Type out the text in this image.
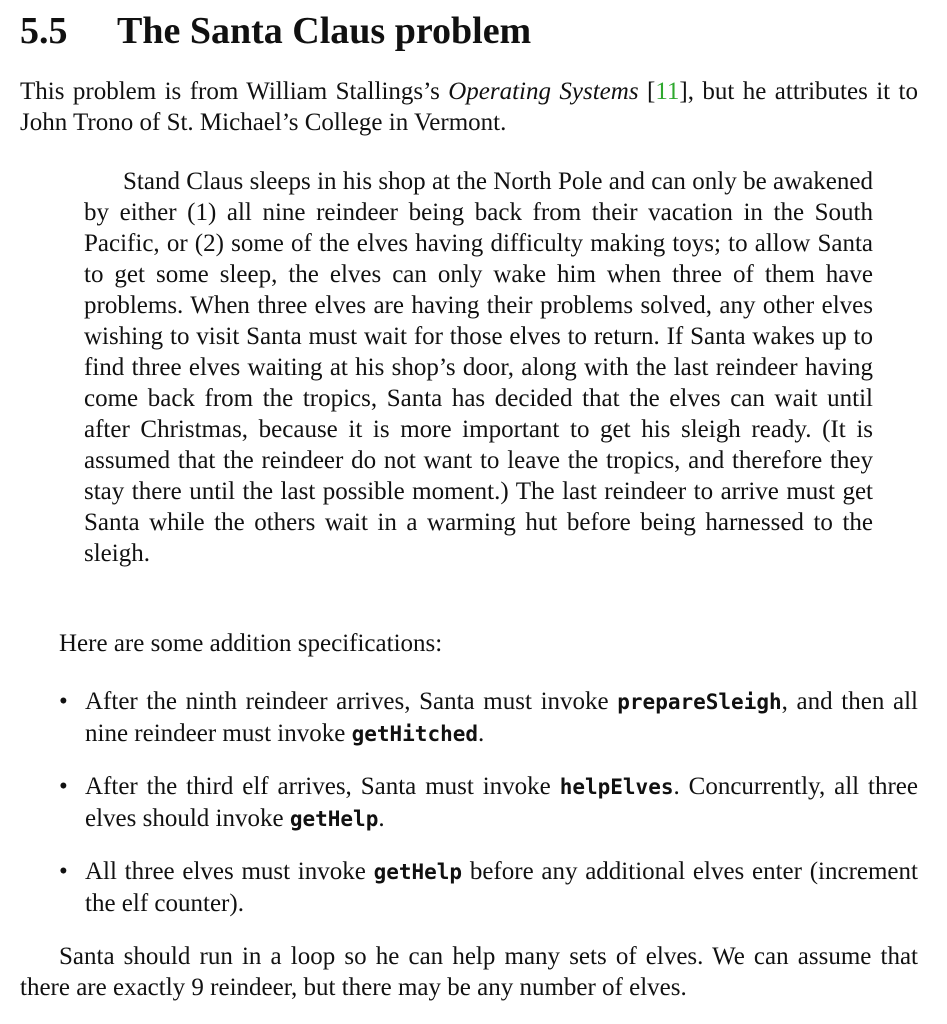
5.5 The Santa Claus problem

This problem is from William Stallings’s Operating Systems [11], but he attributes it to John Trono of St. Michael’s College in Vermont.

Stand Claus sleeps in his shop at the North Pole and can only be awakened by either (1) all nine reindeer being back from their vacation in the South Pacific, or (2) some of the elves having difficulty making toys; to allow Santa to get some sleep, the elves can only wake him when three of them have problems. When three elves are having their problems solved, any other elves wishing to visit Santa must wait for those elves to return. If Santa wakes up to find three elves waiting at his shop’s door, along with the last reindeer having come back from the tropics, Santa has decided that the elves can wait until after Christmas, because it is more important to get his sleigh ready. (It is assumed that the reindeer do not want to leave the tropics, and therefore they stay there until the last possible moment.) The last reindeer to arrive must get Santa while the others wait in a warming hut before being harnessed to the sleigh.

Here are some addition specifications:

• After the ninth reindeer arrives, Santa must invoke prepareSleigh, and then all nine reindeer must invoke getHitched.
• After the third elf arrives, Santa must invoke helpElves. Concurrently, all three elves should invoke getHelp.
• All three elves must invoke getHelp before any additional elves enter (increment the elf counter).

Santa should run in a loop so he can help many sets of elves. We can assume that there are exactly 9 reindeer, but there may be any number of elves.
